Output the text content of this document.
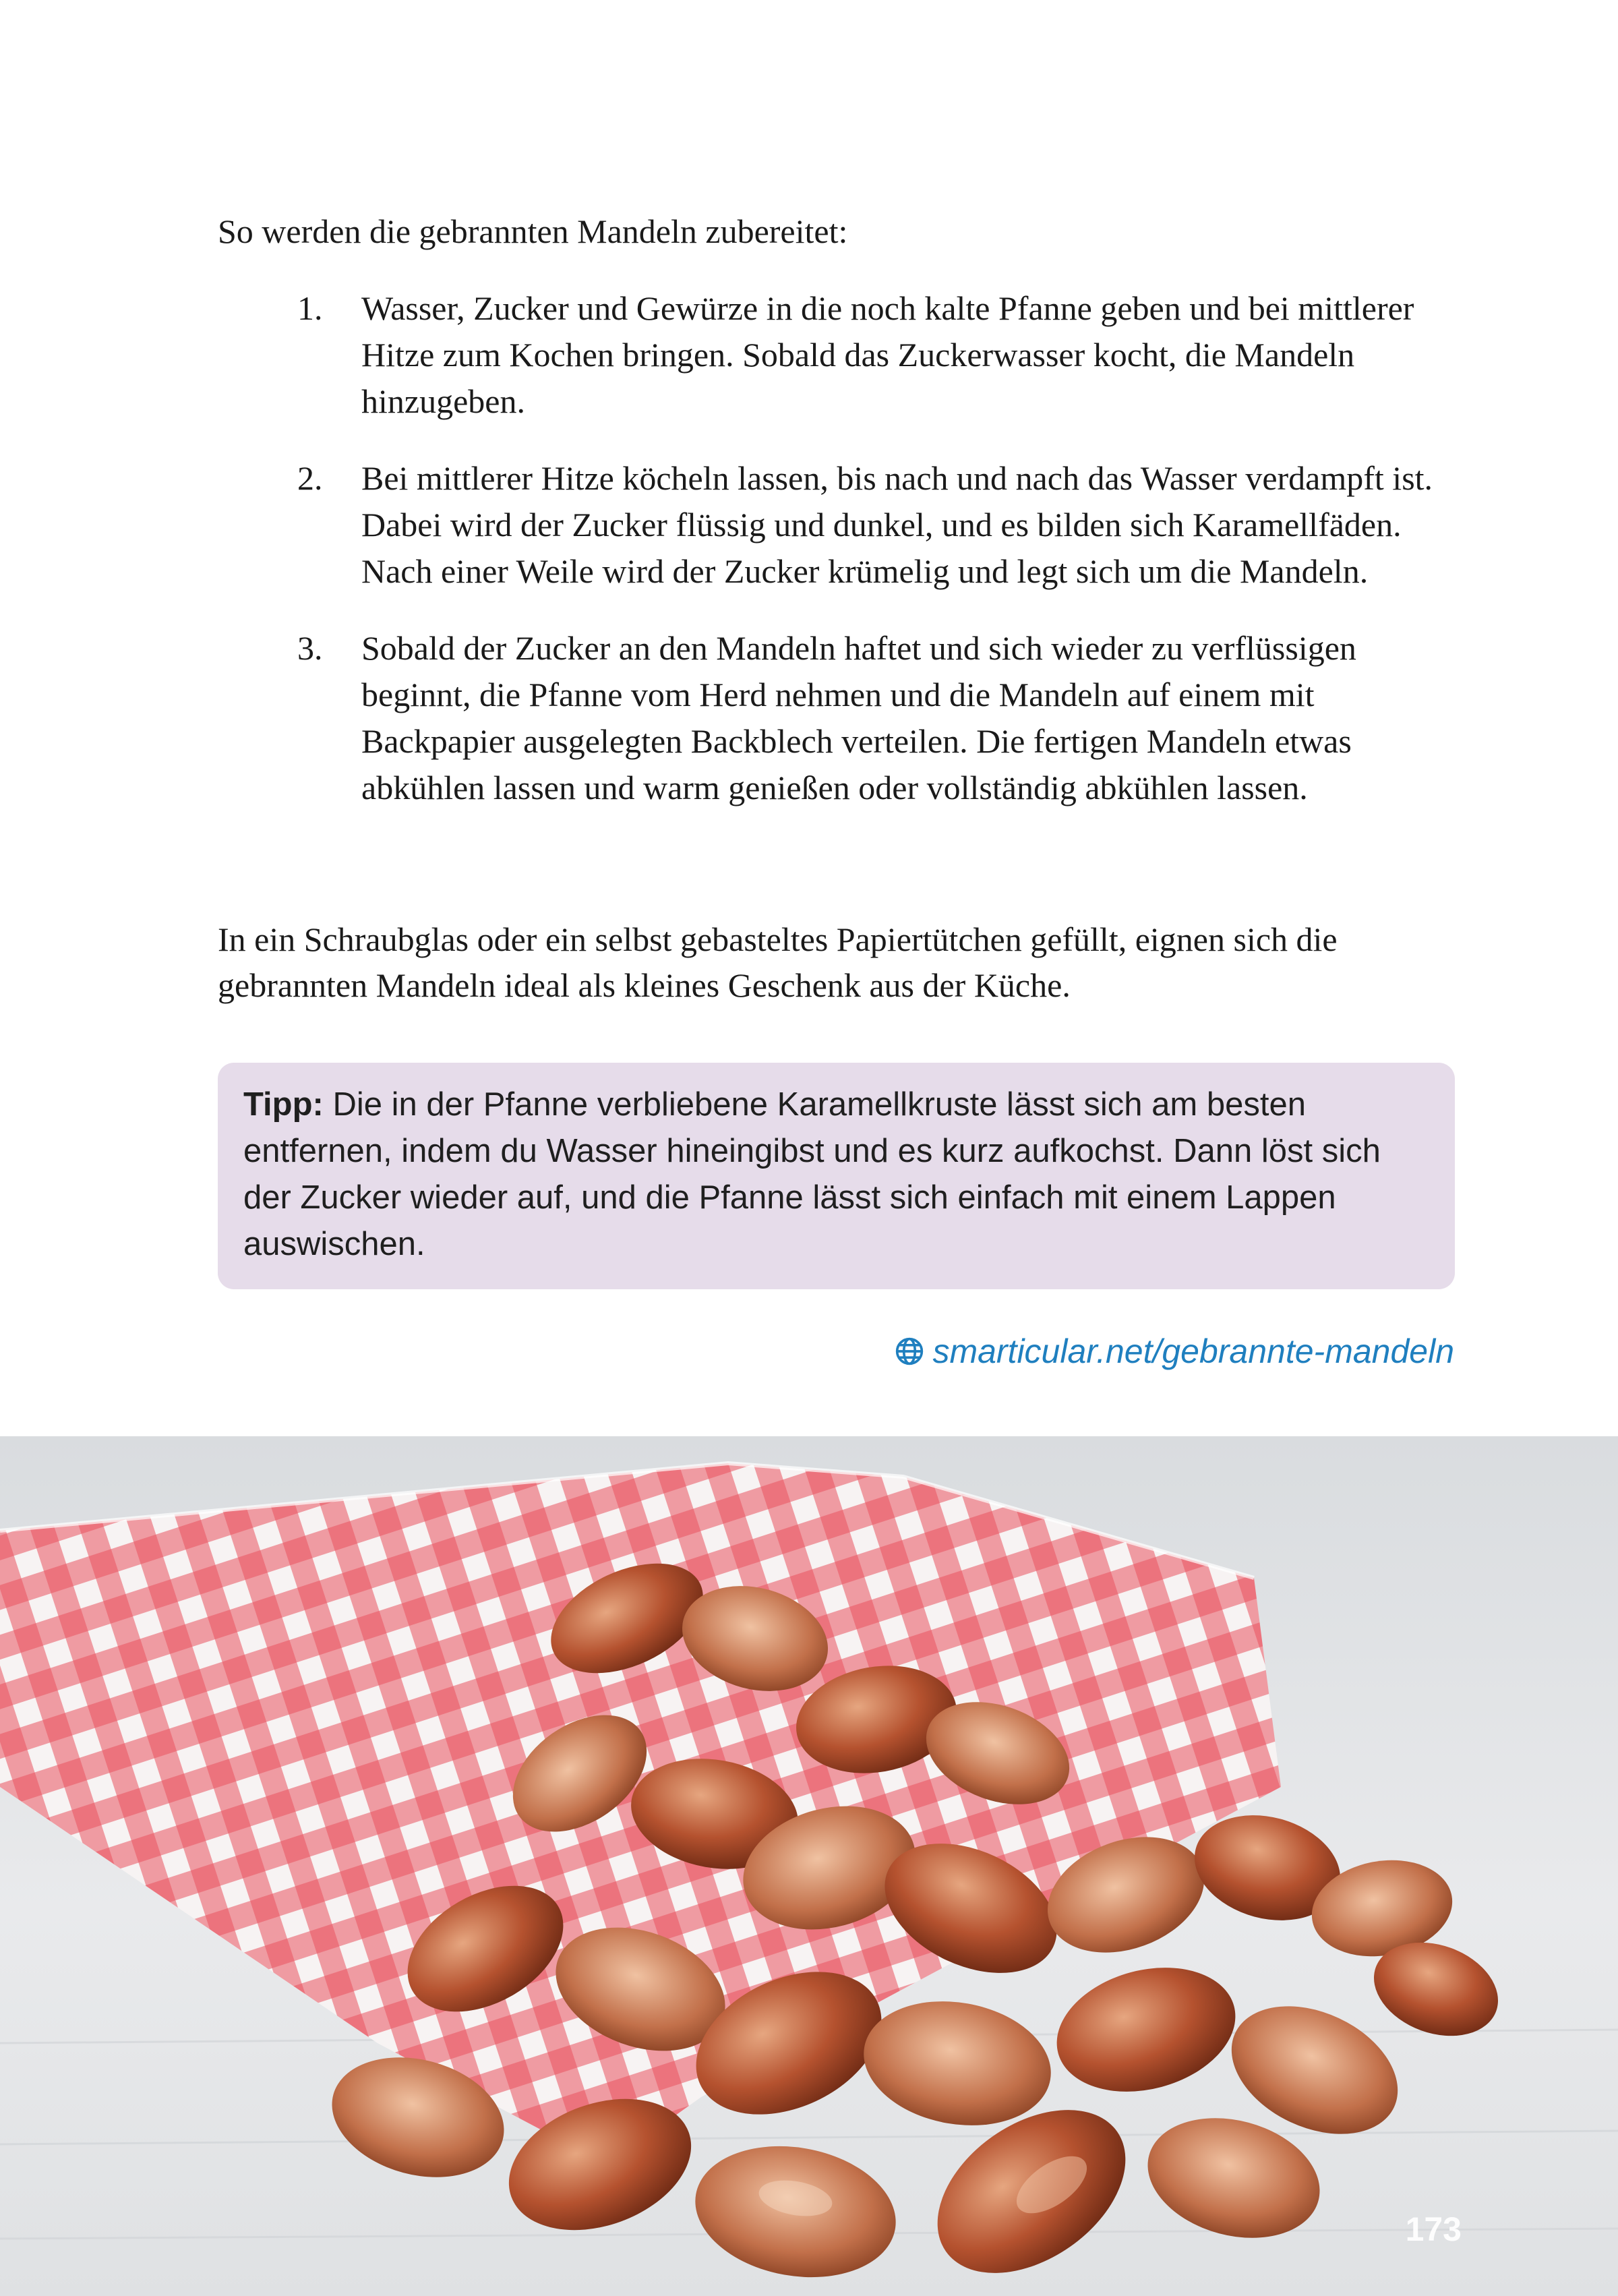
So werden die gebrannten Mandeln zubereitet:

1. Wasser, Zucker und Gewürze in die noch kalte Pfanne geben und bei mittlerer Hitze zum Kochen bringen. Sobald das Zuckerwasser kocht, die Mandeln hinzugeben.
2. Bei mittlerer Hitze köcheln lassen, bis nach und nach das Wasser verdampft ist. Dabei wird der Zucker flüssig und dunkel, und es bilden sich Karamellfäden. Nach einer Weile wird der Zucker krümelig und legt sich um die Mandeln.
3. Sobald der Zucker an den Mandeln haftet und sich wieder zu verflüssigen beginnt, die Pfanne vom Herd nehmen und die Mandeln auf einem mit Backpapier ausgelegten Backblech verteilen. Die fertigen Mandeln etwas abkühlen lassen und warm genießen oder vollständig abkühlen lassen.

In ein Schraubglas oder ein selbst gebasteltes Papiertütchen gefüllt, eignen sich die gebrannten Mandeln ideal als kleines Geschenk aus der Küche.

Tipp: Die in der Pfanne verbliebene Karamellkruste lässt sich am besten entfernen, indem du Wasser hineingibst und es kurz aufkochst. Dann löst sich der Zucker wieder auf, und die Pfanne lässt sich einfach mit einem Lappen auswischen.

smarticular.net/gebrannte-mandeln
173
